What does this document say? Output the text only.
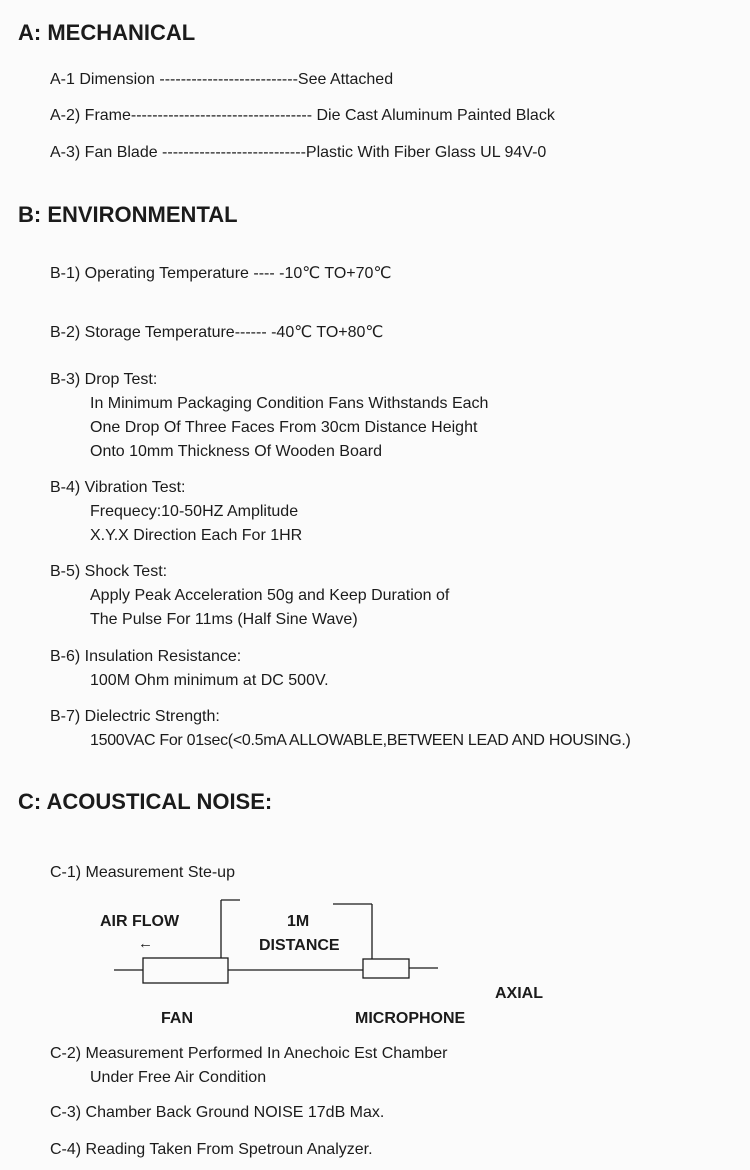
A: MECHANICAL
A-1 Dimension --------------------------See Attached
A-2) Frame---------------------------------- Die Cast Aluminum Painted Black
A-3) Fan Blade ---------------------------Plastic With Fiber Glass UL 94V-0
B: ENVIRONMENTAL
B-1) Operating Temperature ---- -10℃ TO+70℃
B-2) Storage Temperature------ -40℃ TO+80℃
B-3) Drop Test:
In Minimum Packaging Condition Fans Withstands Each
One Drop Of Three Faces From 30cm Distance Height
Onto 10mm Thickness Of Wooden Board
B-4) Vibration Test:
Frequecy:10-50HZ Amplitude
X.Y.X Direction Each For 1HR
B-5) Shock Test:
Apply Peak Acceleration 50g and Keep Duration of
The Pulse For 11ms (Half Sine Wave)
B-6) Insulation Resistance:
100M Ohm minimum at DC 500V.
B-7) Dielectric Strength:
1500VAC For 01sec(<0.5mA ALLOWABLE,BETWEEN LEAD AND HOUSING.)
C: ACOUSTICAL NOISE:
C-1) Measurement Ste-up
AIR FLOW
←
1M
DISTANCE
AXIAL
FAN	MICROPHONE
C-2) Measurement Performed In Anechoic Est Chamber
Under Free Air Condition
C-3) Chamber Back Ground NOISE 17dB Max.
C-4) Reading Taken From Spetroun Analyzer.
